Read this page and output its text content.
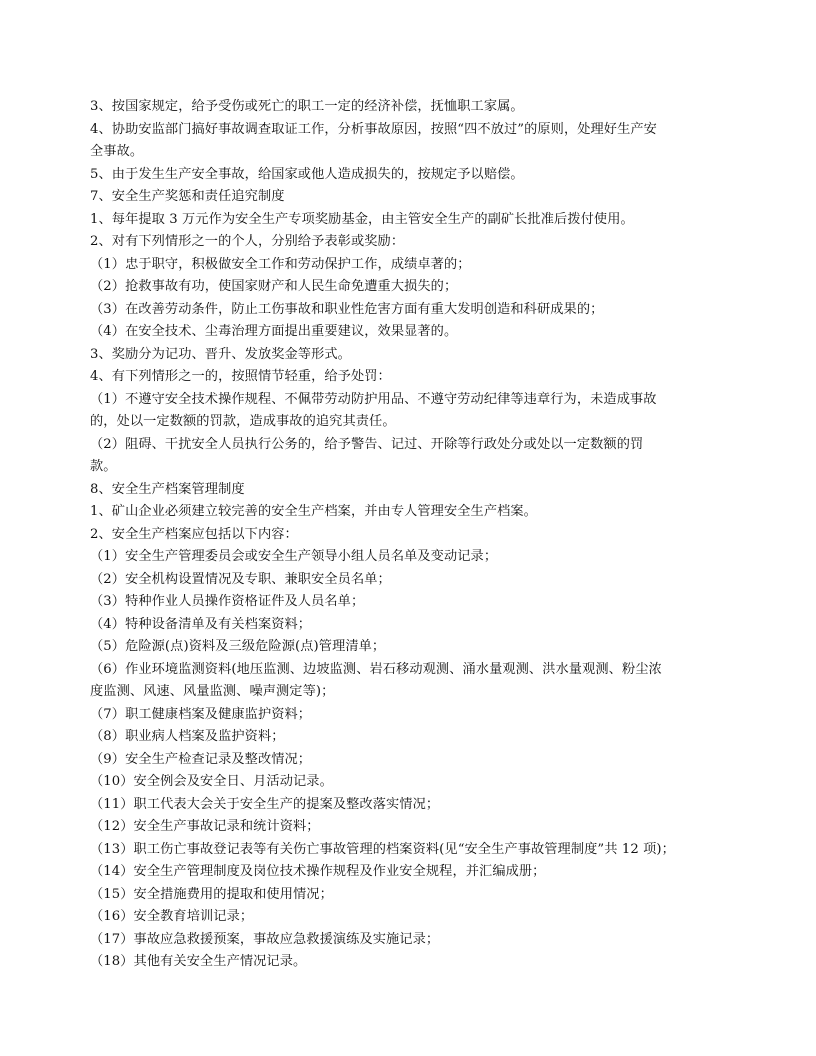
3、按国家规定，给予受伤或死亡的职工一定的经济补偿，抚恤职工家属。
4、协助安监部门搞好事故调查取证工作，分析事故原因，按照“四不放过”的原则，处理好生产安
全事故。
5、由于发生生产安全事故，给国家或他人造成损失的，按规定予以赔偿。
7、安全生产奖惩和责任追究制度
1、每年提取 3 万元作为安全生产专项奖励基金，由主管安全生产的副矿长批准后拨付使用。
2、对有下列情形之一的个人，分别给予表彰或奖励：
（1）忠于职守，积极做安全工作和劳动保护工作，成绩卓著的；
（2）抢救事故有功，使国家财产和人民生命免遭重大损失的；
（3）在改善劳动条件，防止工伤事故和职业性危害方面有重大发明创造和科研成果的；
（4）在安全技术、尘毒治理方面提出重要建议，效果显著的。
3、奖励分为记功、晋升、发放奖金等形式。
4、有下列情形之一的，按照情节轻重，给予处罚：
（1）不遵守安全技术操作规程、不佩带劳动防护用品、不遵守劳动纪律等违章行为，未造成事故
的，处以一定数额的罚款，造成事故的追究其责任。
（2）阻碍、干扰安全人员执行公务的，给予警告、记过、开除等行政处分或处以一定数额的罚
款。
8、安全生产档案管理制度
1、矿山企业必须建立较完善的安全生产档案，并由专人管理安全生产档案。
2、安全生产档案应包括以下内容：
（1）安全生产管理委员会或安全生产领导小组人员名单及变动记录；
（2）安全机构设置情况及专职、兼职安全员名单；
（3）特种作业人员操作资格证件及人员名单；
（4）特种设备清单及有关档案资料；
（5）危险源(点)资料及三级危险源(点)管理清单；
（6）作业环境监测资料(地压监测、边坡监测、岩石移动观测、涌水量观测、洪水量观测、粉尘浓
度监测、风速、风量监测、噪声测定等)；
（7）职工健康档案及健康监护资料；
（8）职业病人档案及监护资料；
（9）安全生产检查记录及整改情况；
（10）安全例会及安全日、月活动记录。
（11）职工代表大会关于安全生产的提案及整改落实情况；
（12）安全生产事故记录和统计资料；
（13）职工伤亡事故登记表等有关伤亡事故管理的档案资料(见“安全生产事故管理制度”共 12 项)；
（14）安全生产管理制度及岗位技术操作规程及作业安全规程，并汇编成册；
（15）安全措施费用的提取和使用情况；
（16）安全教育培训记录；
（17）事故应急救援预案，事故应急救援演练及实施记录；
（18）其他有关安全生产情况记录。
